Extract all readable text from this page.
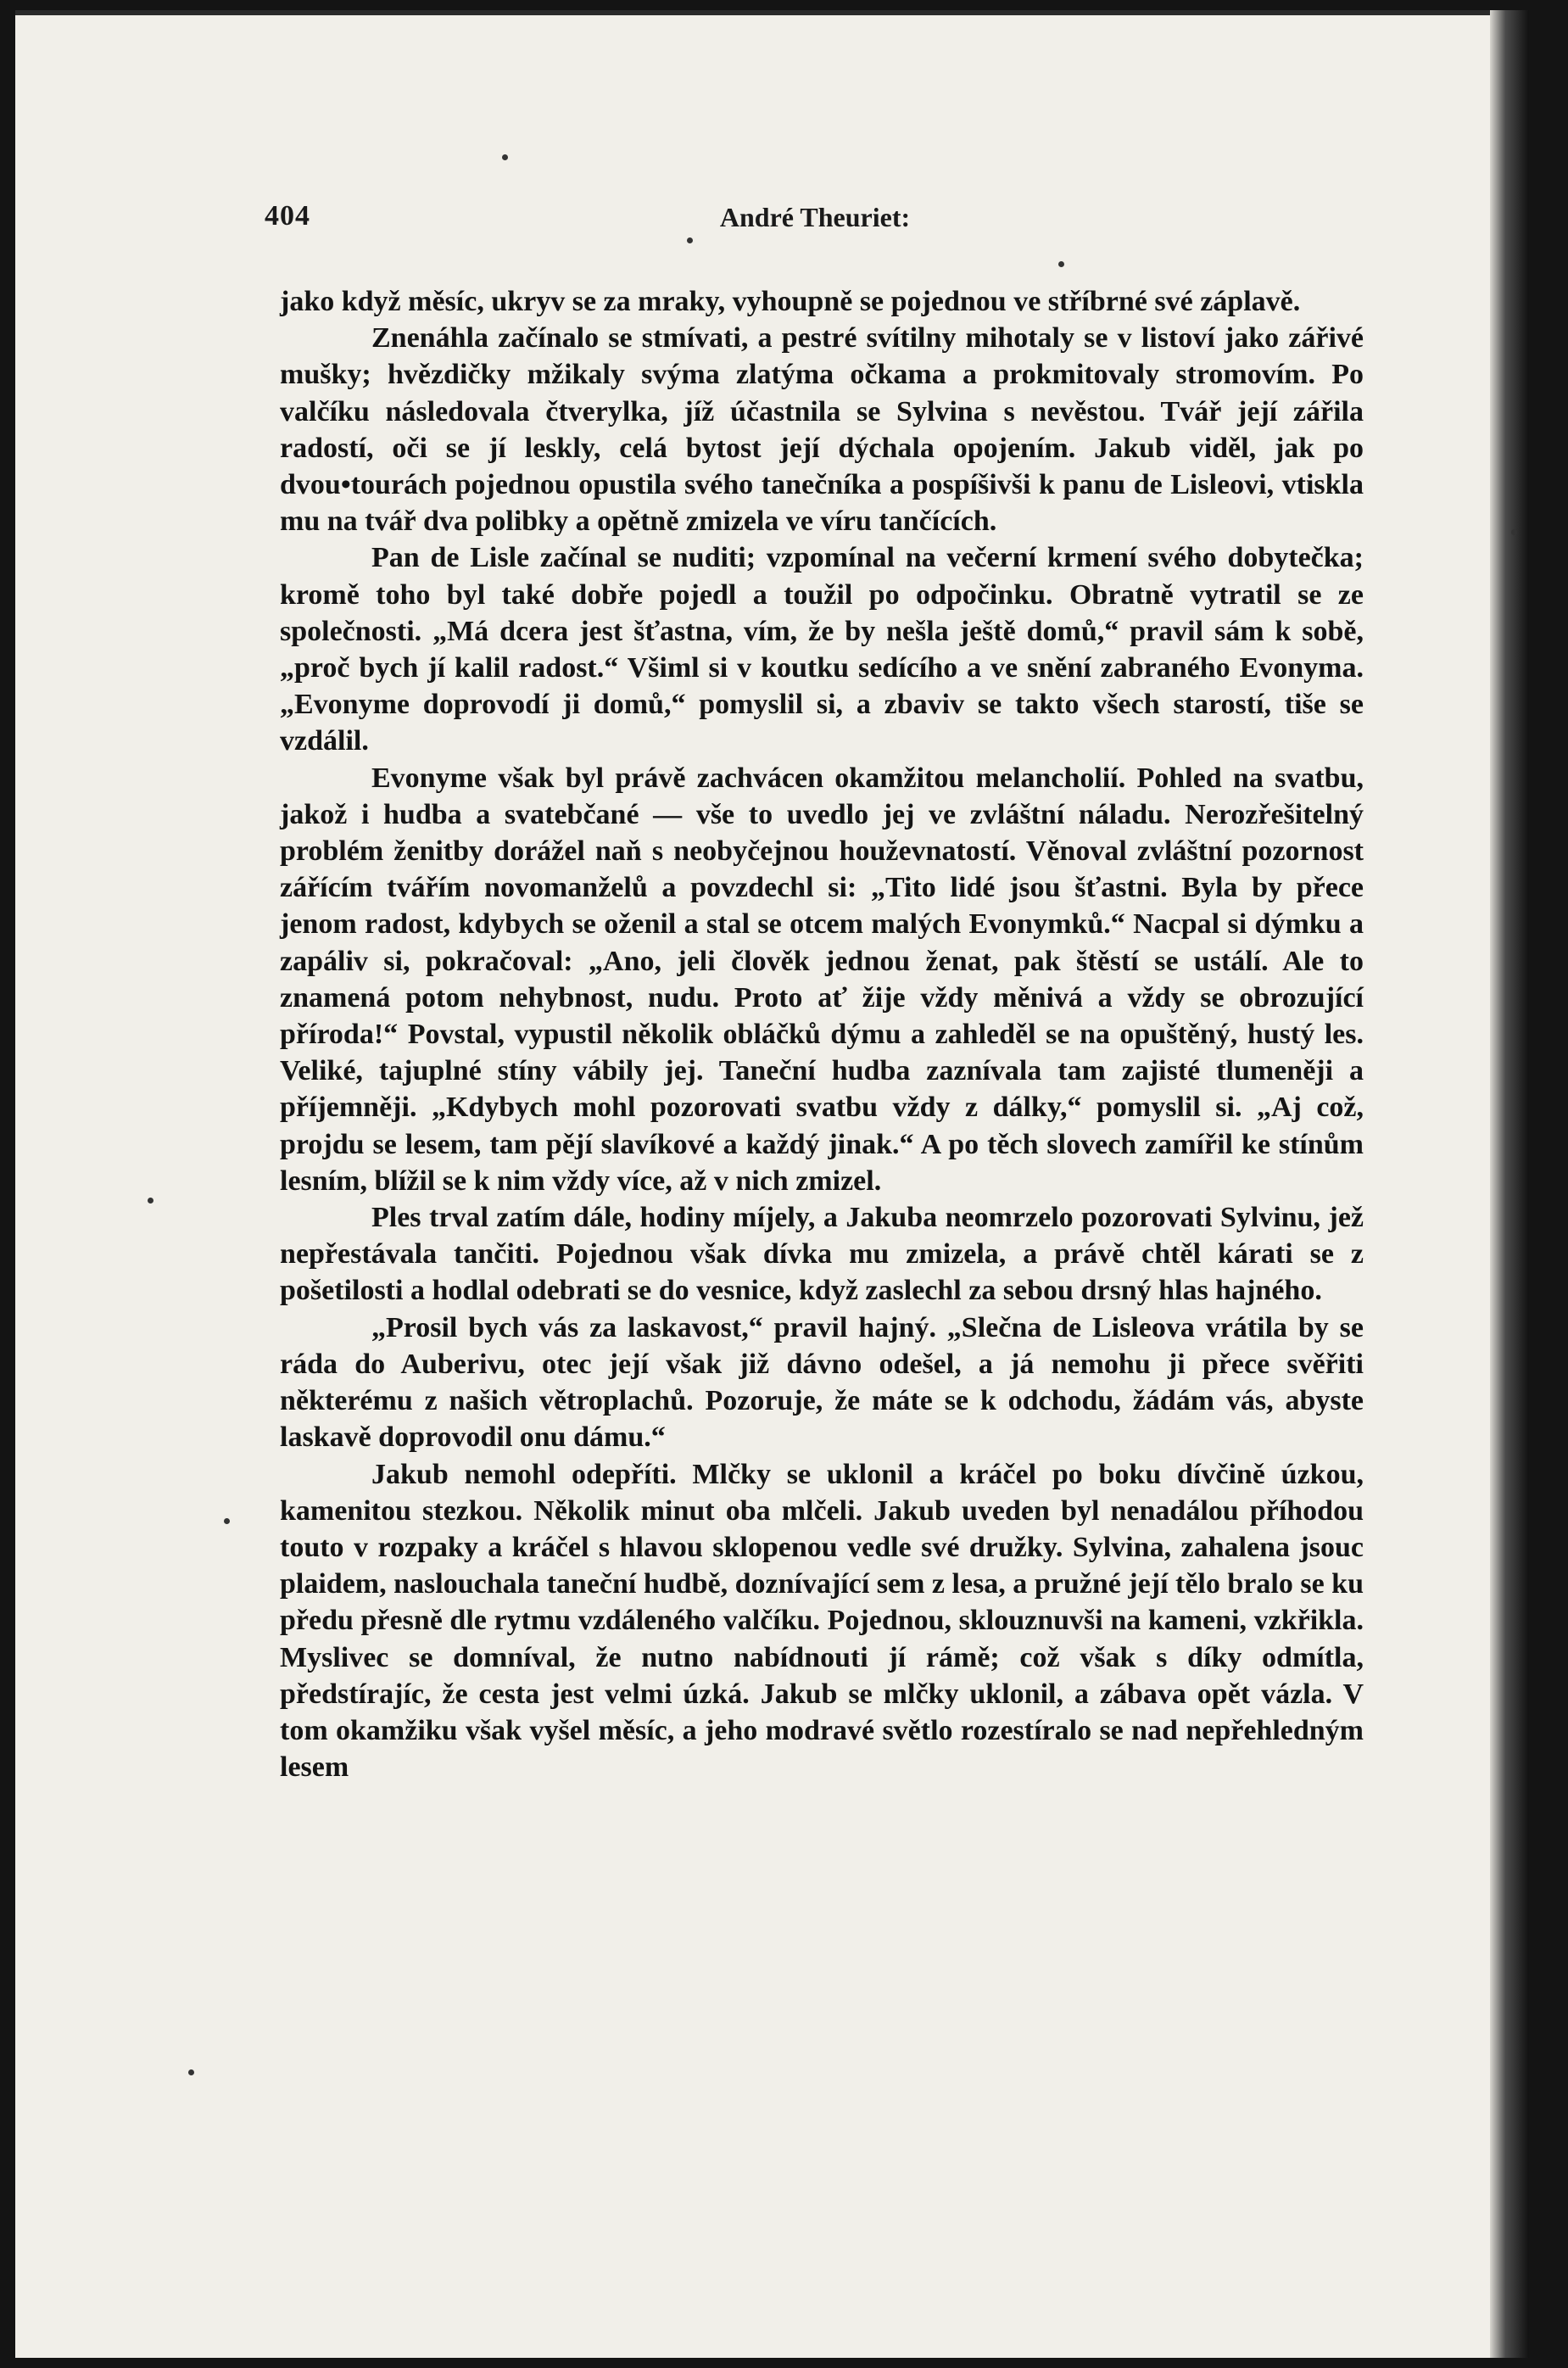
404	André Theuriet:

jako když měsíc, ukryv se za mraky, vyhoupně se pojednou ve stříbrné své záplavě.

Znenáhla začínalo se stmívati, a pestré svítilny mihotaly se v listoví jako zářivé mušky; hvězdičky mžikaly svýma zlatýma očkama a prokmitovaly stromovím. Po valčíku následovala čtverylka, jíž účastnila se Sylvina s nevěstou. Tvář její zářila radostí, oči se jí leskly, celá bytost její dýchala opojením. Jakub viděl, jak po dvou•tourách pojednou opustila svého tanečníka a pospíšivši k panu de Lisleovi, vtiskla mu na tvář dva polibky a opětně zmizela ve víru tančících.

Pan de Lisle začínal se nuditi; vzpomínal na večerní krmení svého dobytečka; kromě toho byl také dobře pojedl a toužil po odpočinku. Obratně vytratil se ze společnosti. „Má dcera jest šťastna, vím, že by nešla ještě domů,“ pravil sám k sobě, „proč bych jí kalil radost.“ Všiml si v koutku sedícího a ve snění zabraného Evonyma. „Evonyme doprovodí ji domů,“ pomyslil si, a zbaviv se takto všech starostí, tiše se vzdálil.

Evonyme však byl právě zachvácen okamžitou melancholií. Pohled na svatbu, jakož i hudba a svatebčané — vše to uvedlo jej ve zvláštní náladu. Nerozřešitelný problém ženitby dorážel naň s neobyčejnou houževnatostí. Věnoval zvláštní pozornost zářícím tvářím novomanželů a povzdechl si: „Tito lidé jsou šťastni. Byla by přece jenom radost, kdybych se oženil a stal se otcem malých Evonymků.“ Nacpal si dýmku a zapáliv si, pokračoval: „Ano, jeli člověk jednou ženat, pak štěstí se ustálí. Ale to znamená potom nehybnost, nudu. Proto ať žije vždy měnivá a vždy se obrozující příroda!“ Povstal, vypustil několik obláčků dýmu a zahleděl se na opuštěný, hustý les. Veliké, tajuplné stíny vábily jej. Taneční hudba zaznívala tam zajisté tlumeněji a příjemněji. „Kdybych mohl pozorovati svatbu vždy z dálky,“ pomyslil si. „Aj což, projdu se lesem, tam pějí slavíkové a každý jinak.“ A po těch slovech zamířil ke stínům lesním, blížil se k nim vždy více, až v nich zmizel.

Ples trval zatím dále, hodiny míjely, a Jakuba neomrzelo pozorovati Sylvinu, jež nepřestávala tančiti. Pojednou však dívka mu zmizela, a právě chtěl kárati se z pošetilosti a hodlal odebrati se do vesnice, když zaslechl za sebou drsný hlas hajného.

„Prosil bych vás za laskavost,“ pravil hajný. „Slečna de Lisleova vrátila by se ráda do Auberivu, otec její však již dávno odešel, a já nemohu ji přece svěřiti některému z našich větroplachů. Pozoruje, že máte se k odchodu, žádám vás, abyste laskavě doprovodil onu dámu.“

Jakub nemohl odepříti. Mlčky se uklonil a kráčel po boku dívčině úzkou, kamenitou stezkou. Několik minut oba mlčeli. Jakub uveden byl nenadálou příhodou touto v rozpaky a kráčel s hlavou sklopenou vedle své družky. Sylvina, zahalena jsouc plaidem, naslouchala taneční hudbě, doznívající sem z lesa, a pružné její tělo bralo se ku předu přesně dle rytmu vzdáleného valčíku. Pojednou, sklouznuvši na kameni, vzkřikla. Myslivec se domníval, že nutno nabídnouti jí rámě; což však s díky odmítla, předstírajíc, že cesta jest velmi úzká. Jakub se mlčky uklonil, a zábava opět vázla. V tom okamžiku však vyšel měsíc, a jeho modravé světlo rozestíralo se nad nepřehledným lesem
